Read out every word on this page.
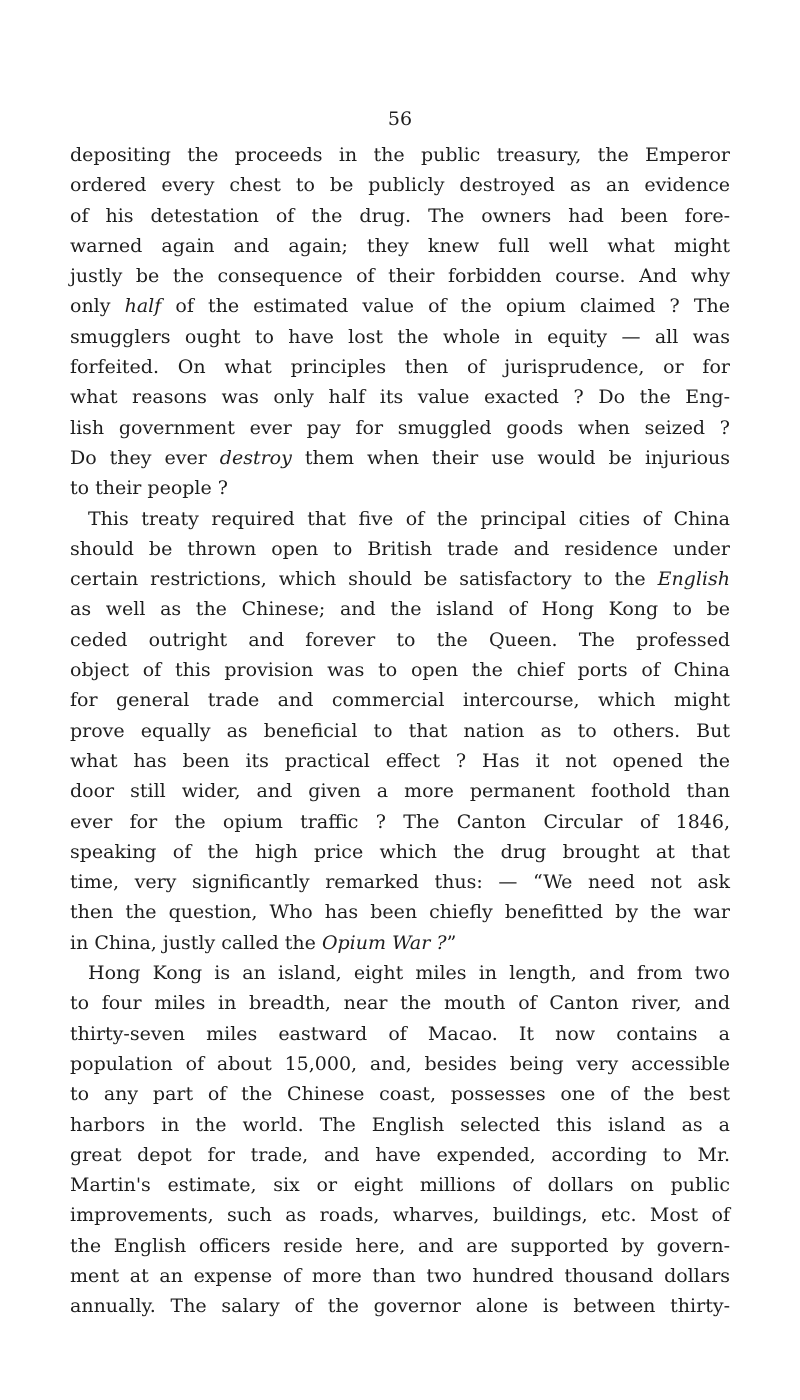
56
depositing the proceeds in the public treasury, the Emperor
ordered every chest to be publicly destroyed as an evidence
of his detestation of the drug. The owners had been fore-
warned again and again; they knew full well what might
justly be the consequence of their forbidden course. And why
only half of the estimated value of the opium claimed ? The
smugglers ought to have lost the whole in equity — all was
forfeited. On what principles then of jurisprudence, or for
what reasons was only half its value exacted ? Do the Eng-
lish government ever pay for smuggled goods when seized ?
Do they ever destroy them when their use would be injurious
to their people ?
This treaty required that five of the principal cities of China
should be thrown open to British trade and residence under
certain restrictions, which should be satisfactory to the English
as well as the Chinese; and the island of Hong Kong to be
ceded outright and forever to the Queen. The professed
object of this provision was to open the chief ports of China
for general trade and commercial intercourse, which might
prove equally as beneficial to that nation as to others. But
what has been its practical effect ? Has it not opened the
door still wider, and given a more permanent foothold than
ever for the opium traffic ? The Canton Circular of 1846,
speaking of the high price which the drug brought at that
time, very significantly remarked thus: — “We need not ask
then the question, Who has been chiefly benefitted by the war
in China, justly called the Opium War ?”
Hong Kong is an island, eight miles in length, and from two
to four miles in breadth, near the mouth of Canton river, and
thirty-seven miles eastward of Macao. It now contains a
population of about 15,000, and, besides being very accessible
to any part of the Chinese coast, possesses one of the best
harbors in the world. The English selected this island as a
great depot for trade, and have expended, according to Mr.
Martin's estimate, six or eight millions of dollars on public
improvements, such as roads, wharves, buildings, etc. Most of
the English officers reside here, and are supported by govern-
ment at an expense of more than two hundred thousand dollars
annually. The salary of the governor alone is between thirty-
